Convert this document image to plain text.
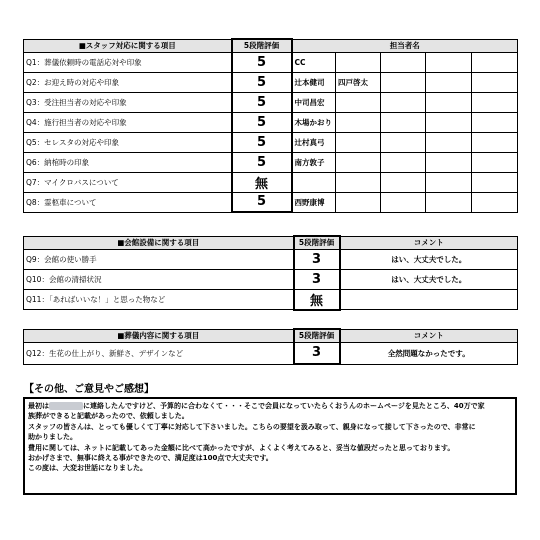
■スタッフ対応に関する項目	5段階評価	担当者名				
Q1：葬儀依頼時の電話応対や印象	5	CC				
Q2：お迎え時の対応や印象	5	辻本健司	四戸啓太			
Q3：受注担当者の対応や印象	5	中司昌宏				
Q4：施行担当者の対応や印象	5	木場かおり				
Q5：セレスタの対応や印象	5	辻村真弓				
Q6：納棺時の印象	5	南方敦子				
Q7：マイクロバスについて	無					
Q8：霊柩車について	5	西野康博				
■会館設備に関する項目	5段階評価	コメント
Q9：会館の使い勝手	3	はい、大丈夫でした。
Q10：会館の清掃状況	3	はい、大丈夫でした。
Q11：「あればいいな！」と思った物など	無	
■葬儀内容に関する項目	5段階評価	コメント
Q12：生花の仕上がり、新鮮さ、デザインなど	3	全然問題なかったです。
【その他、ご意見やご感想】
最初は	に連絡したんですけど、予算的に合わなくて・・・そこで会員になっていたらくおうんのホームページを見たところ、40万で家
族葬ができると記載があったので、依頼しました。
スタッフの皆さんは、とっても優しくて丁寧に対応して下さいました。こちらの要望を汲み取って、親身になって接して下さったので、非常に
助かりました。
費用に関しては、ネットに記載してあった金額に比べて高かったですが、よくよく考えてみると、妥当な値段だったと思っております。
おかげさまで、無事に終える事ができたので、満足度は100点で大丈夫です。
この度は、大変お世話になりました。
